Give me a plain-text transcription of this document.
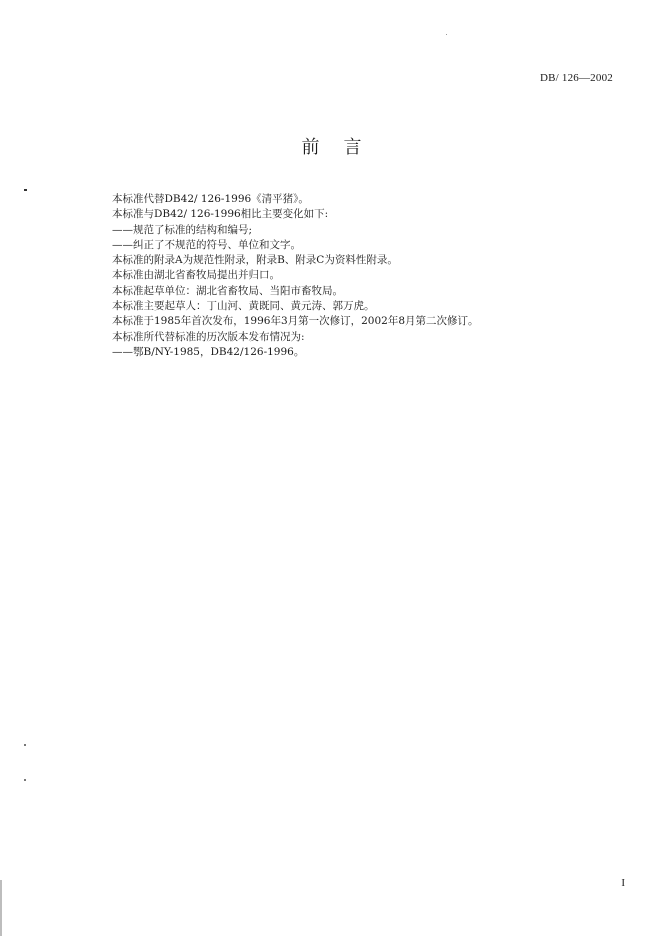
DB/ 126—2002
前言
本标准代替DB42/ 126-1996《清平猪》。
本标准与DB42/ 126-1996相比主要变化如下:
——规范了标准的结构和编号;
——纠正了不规范的符号、单位和文字。
本标准的附录A为规范性附录，附录B、附录C为资料性附录。
本标准由湖北省畜牧局提出并归口。
本标准起草单位：湖北省畜牧局、当阳市畜牧局。
本标准主要起草人：丁山河、黄既同、黄元涛、郭万虎。
本标准于1985年首次发布，1996年3月第一次修订，2002年8月第二次修订。
本标准所代替标准的历次版本发布情况为:
——鄂B/NY-1985，DB42/126-1996。
I
